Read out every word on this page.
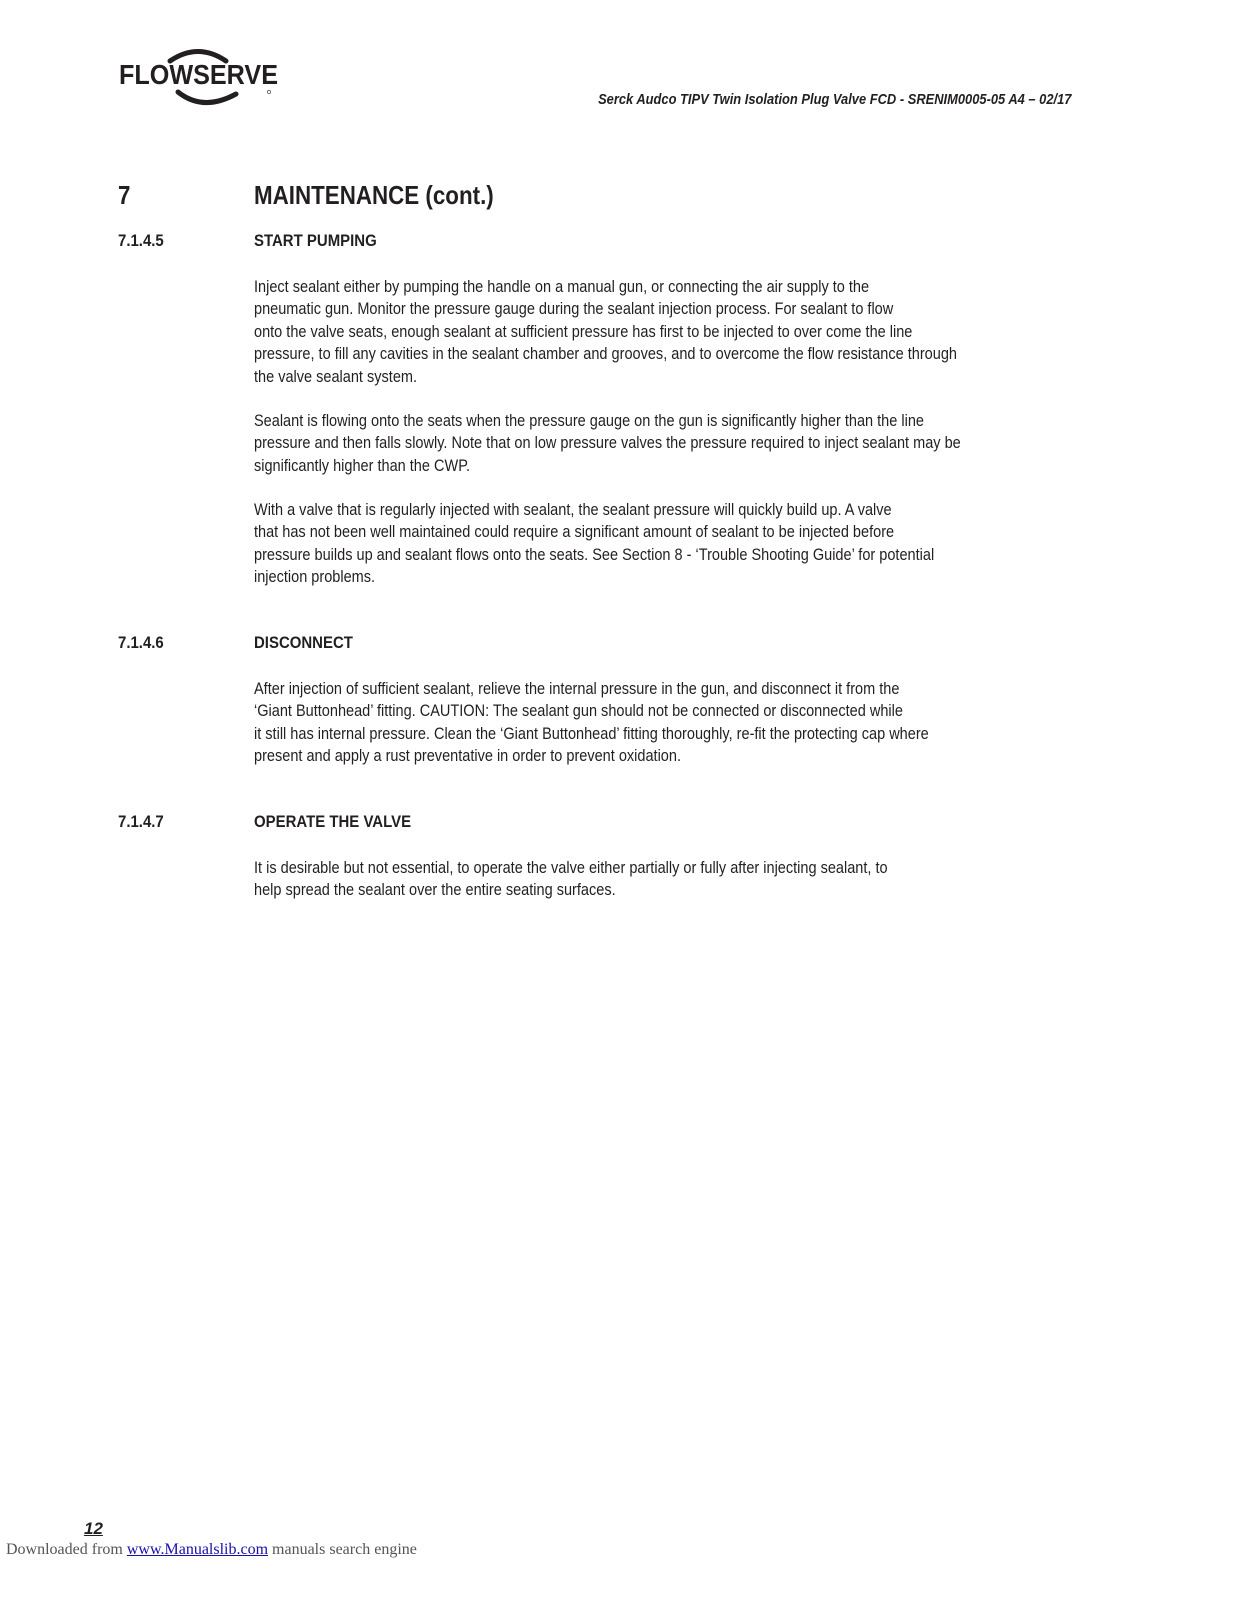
FLOWSERVE
Serck Audco TIPV Twin Isolation Plug Valve FCD - SRENIM0005-05 A4 – 02/17
7	MAINTENANCE (cont.)
7.1.4.5	START PUMPING

Inject sealant either by pumping the handle on a manual gun, or connecting the air supply to the
pneumatic gun. Monitor the pressure gauge during the sealant injection process. For sealant to flow
onto the valve seats, enough sealant at sufficient pressure has first to be injected to over come the line
pressure, to fill any cavities in the sealant chamber and grooves, and to overcome the flow resistance through
the valve sealant system.

Sealant is flowing onto the seats when the pressure gauge on the gun is significantly higher than the line
pressure and then falls slowly. Note that on low pressure valves the pressure required to inject sealant may be
significantly higher than the CWP.

With a valve that is regularly injected with sealant, the sealant pressure will quickly build up. A valve
that has not been well maintained could require a significant amount of sealant to be injected before
pressure builds up and sealant flows onto the seats. See Section 8 - ‘Trouble Shooting Guide’ for potential
injection problems.

7.1.4.6	DISCONNECT

After injection of sufficient sealant, relieve the internal pressure in the gun, and disconnect it from the
‘Giant Buttonhead’ fitting. CAUTION: The sealant gun should not be connected or disconnected while
it still has internal pressure. Clean the ‘Giant Buttonhead’ fitting thoroughly, re-fit the protecting cap where
present and apply a rust preventative in order to prevent oxidation.

7.1.4.7	OPERATE THE VALVE

It is desirable but not essential, to operate the valve either partially or fully after injecting sealant, to
help spread the sealant over the entire seating surfaces.

12
Downloaded from www.Manualslib.com manuals search engine
